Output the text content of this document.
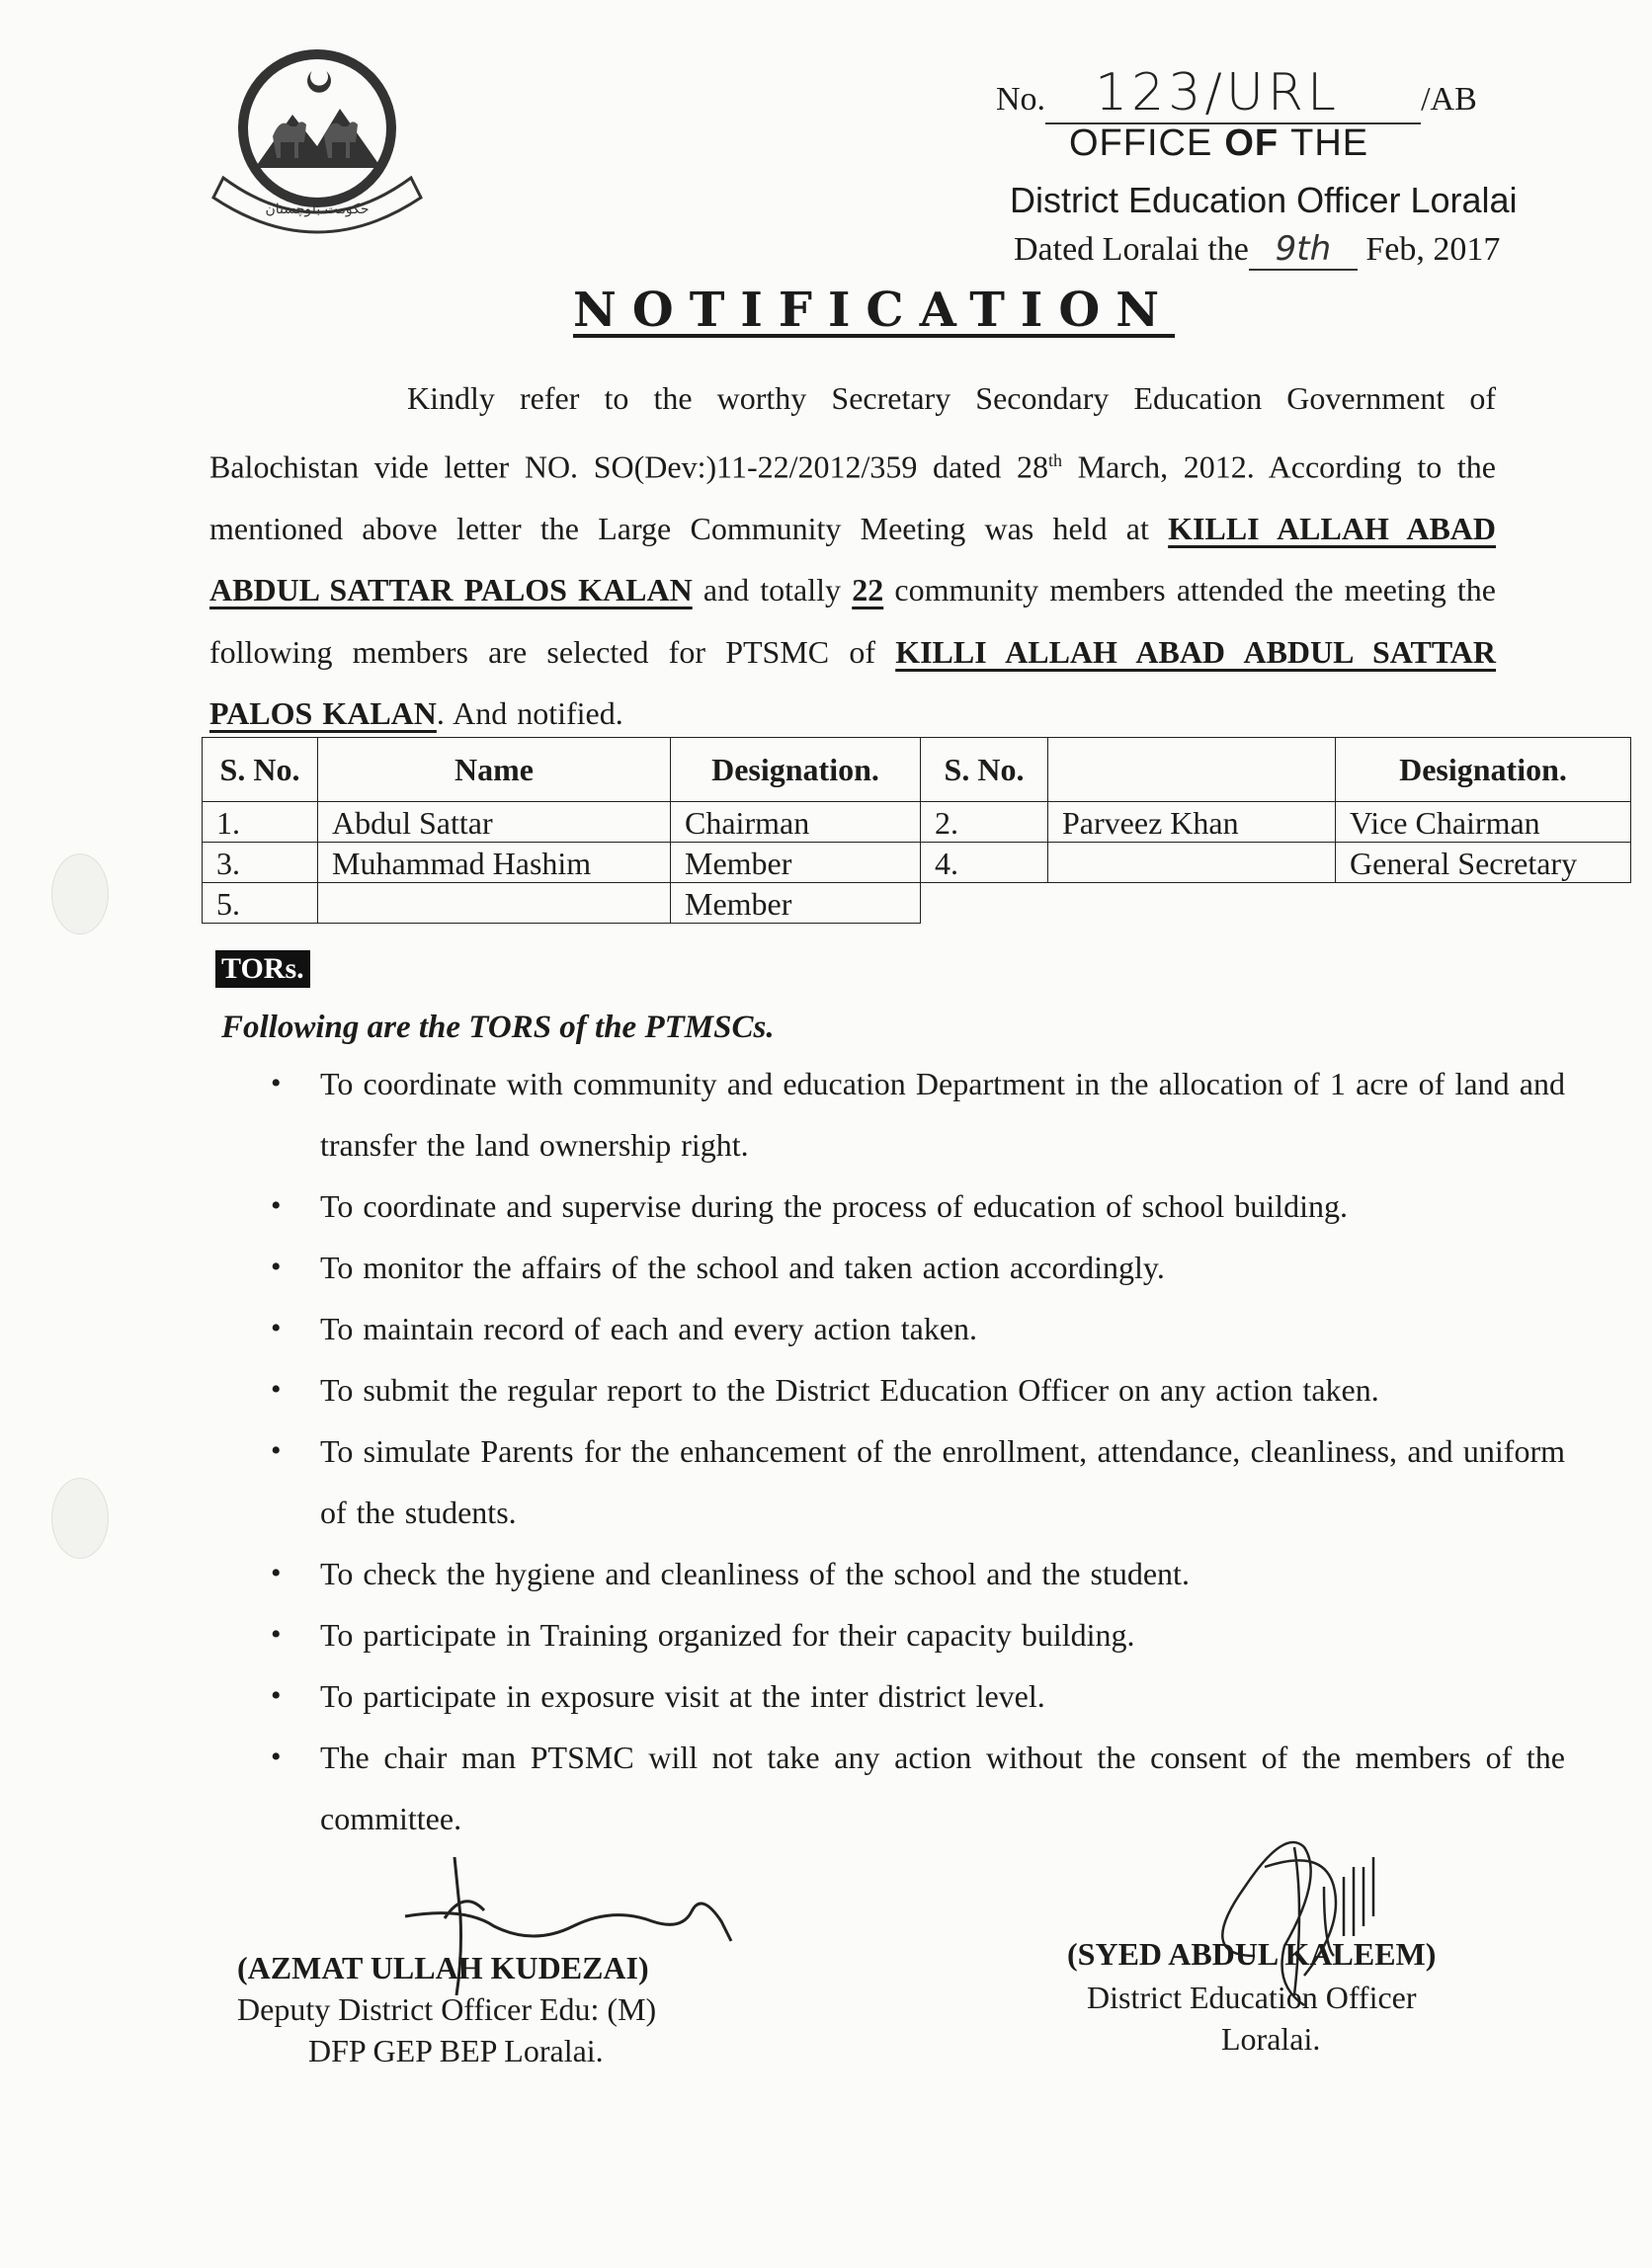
حکومت بلوچستان
No. 123/URL /AB
OFFICE OF THE
District Education Officer Loralai
Dated Loralai the 9th Feb, 2017
NOTIFICATION
Kindly refer to the worthy Secretary Secondary Education Government of Balochistan vide letter NO. SO(Dev:)11-22/2012/359 dated 28th March, 2012. According to the mentioned above letter the Large Community Meeting was held at KILLI ALLAH ABAD ABDUL SATTAR PALOS KALAN and totally 22 community members attended the meeting the following members are selected for PTSMC of KILLI ALLAH ABAD ABDUL SATTAR PALOS KALAN. And notified.
S. No.	Name	Designation.	S. No.		Designation.
1.	Abdul Sattar	Chairman	2.	Parveez Khan	Vice Chairman
3.	Muhammad Hashim	Member	4.		General Secretary
5.		Member			
TORs.
Following are the TORS of the PTMSCs.
• To coordinate with community and education Department in the allocation of 1 acre of land and transfer the land ownership right.
• To coordinate and supervise during the process of education of school building.
• To monitor the affairs of the school and taken action accordingly.
• To maintain record of each and every action taken.
• To submit the regular report to the District Education Officer on any action taken.
• To simulate Parents for the enhancement of the enrollment, attendance, cleanliness, and uniform of the students.
• To check the hygiene and cleanliness of the school and the student.
• To participate in Training organized for their capacity building.
• To participate in exposure visit at the inter district level.
• The chair man PTSMC will not take any action without the consent of the members of the committee.
(AZMAT ULLAH KUDEZAI)
Deputy District Officer Edu: (M)
DFP GEP BEP Loralai.
(SYED ABDUL KALEEM)
District Education Officer
Loralai.
